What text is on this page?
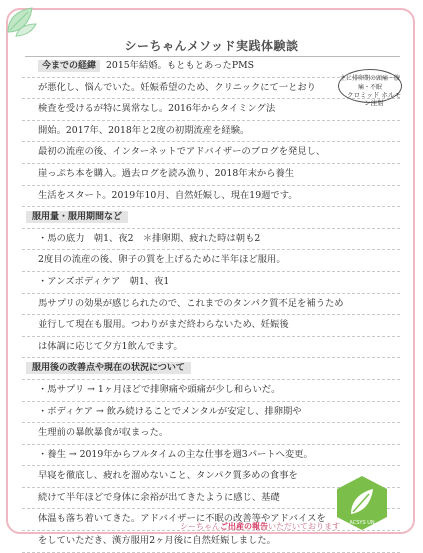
シーちゃんメソッド実践体験談
今までの経緯 2015年結婚。もともとあったPMS
が悪化し、悩んでいた。妊娠希望のため、クリニックにて一とおり
検査を受けるが特に異常なし。2016年からタイミング法
開始。2017年、2018年と2度の初期流産を経験。
最初の流産の後、インターネットでアドバイザーのブログを発見し、
崖っぷち本を購入。過去ログを読み漁り、2018年末から養生
生活をスタート。2019年10月、自然妊娠し、現在19週です。
服用量・服用期間など
・馬の底力　朝1、夜2　＊排卵期、疲れた時は朝も2
2度目の流産の後、卵子の質を上げるために半年ほど服用。
・アンズボディケア　朝1、夜1
馬サプリの効果が感じられたので、これまでのタンパク質不足を補うため
並行して現在も服用。つわりがまだ終わらないため、妊娠後
は体調に応じて夕方1飲んでます。
服用後の改善点や現在の状況について
・馬サプリ → 1ヶ月ほどで排卵痛や頭痛が少し和らいだ。
・ボディケア → 飲み続けることでメンタルが安定し、排卵期や
生理前の暴飲暴食が収まった。
・養生 → 2019年からフルタイムの主な仕事を週3パートへ変更。
早寝を徹底し、疲れを溜めないこと、タンパク質多めの食事を
続けて半年ほどで身体に余裕が出てきたように感じ、基礎
体温も落ち着いてきた。アドバイザーに不眠の改善等やアドバイスを
をしていただき、漢方服用2ヶ月後に自然妊娠しました。
主に排卵期の頭痛・腹痛・不眠
クロミッド ホルモン注射
ACSYS UN
シーちゃんご出産の報告いただいております
